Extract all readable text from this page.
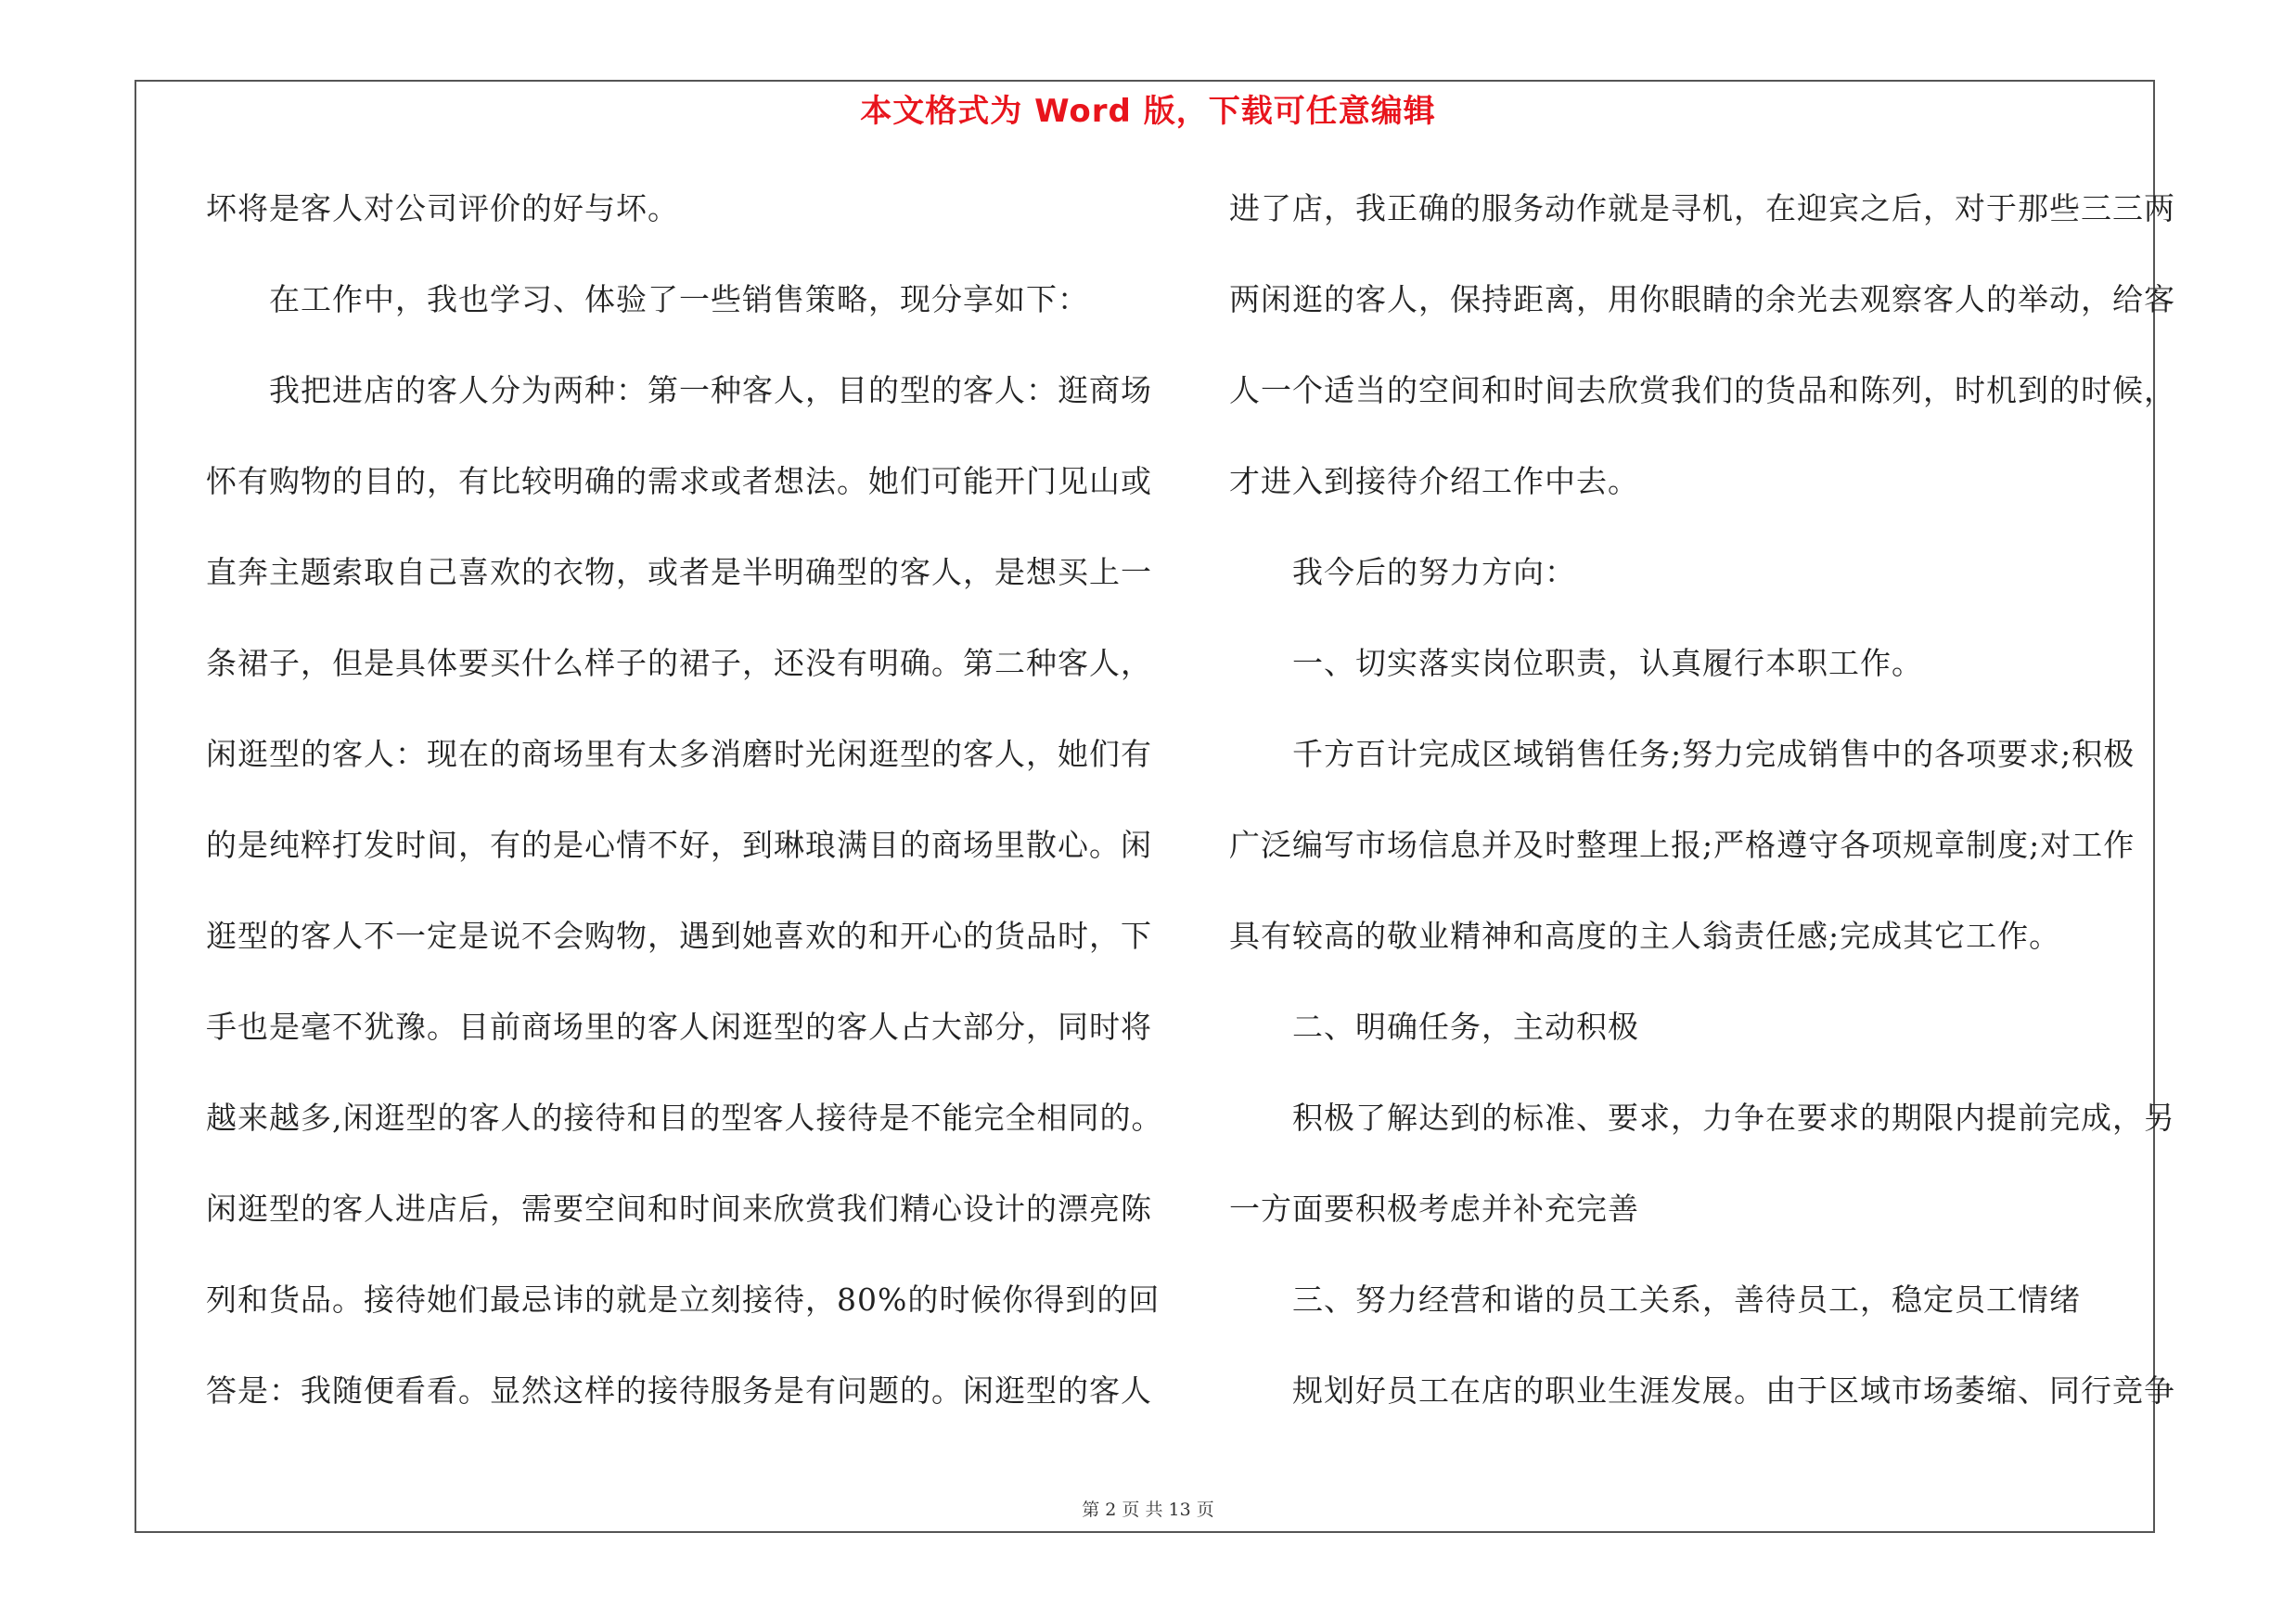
本文格式为 Word 版，下载可任意编辑
坏将是客人对公司评价的好与坏。
　　在工作中，我也学习、体验了一些销售策略，现分享如下：
　　我把进店的客人分为两种：第一种客人，目的型的客人：逛商场
怀有购物的目的，有比较明确的需求或者想法。她们可能开门见山或
直奔主题索取自己喜欢的衣物，或者是半明确型的客人，是想买上一
条裙子，但是具体要买什么样子的裙子，还没有明确。第二种客人，
闲逛型的客人：现在的商场里有太多消磨时光闲逛型的客人，她们有
的是纯粹打发时间，有的是心情不好，到琳琅满目的商场里散心。闲
逛型的客人不一定是说不会购物，遇到她喜欢的和开心的货品时，下
手也是毫不犹豫。目前商场里的客人闲逛型的客人占大部分，同时将
越来越多,闲逛型的客人的接待和目的型客人接待是不能完全相同的。
闲逛型的客人进店后，需要空间和时间来欣赏我们精心设计的漂亮陈
列和货品。接待她们最忌讳的就是立刻接待，80%的时候你得到的回
答是：我随便看看。显然这样的接待服务是有问题的。闲逛型的客人
进了店，我正确的服务动作就是寻机，在迎宾之后，对于那些三三两
两闲逛的客人，保持距离，用你眼睛的余光去观察客人的举动，给客
人一个适当的空间和时间去欣赏我们的货品和陈列，时机到的时候，
才进入到接待介绍工作中去。
　　我今后的努力方向：
　　一、切实落实岗位职责，认真履行本职工作。
　　千方百计完成区域销售任务;努力完成销售中的各项要求;积极
广泛编写市场信息并及时整理上报;严格遵守各项规章制度;对工作
具有较高的敬业精神和高度的主人翁责任感;完成其它工作。
　　二、明确任务，主动积极
　　积极了解达到的标准、要求，力争在要求的期限内提前完成，另
一方面要积极考虑并补充完善
　　三、努力经营和谐的员工关系，善待员工，稳定员工情绪
　　规划好员工在店的职业生涯发展。由于区域市场萎缩、同行竞争
第 2 页 共 13 页
